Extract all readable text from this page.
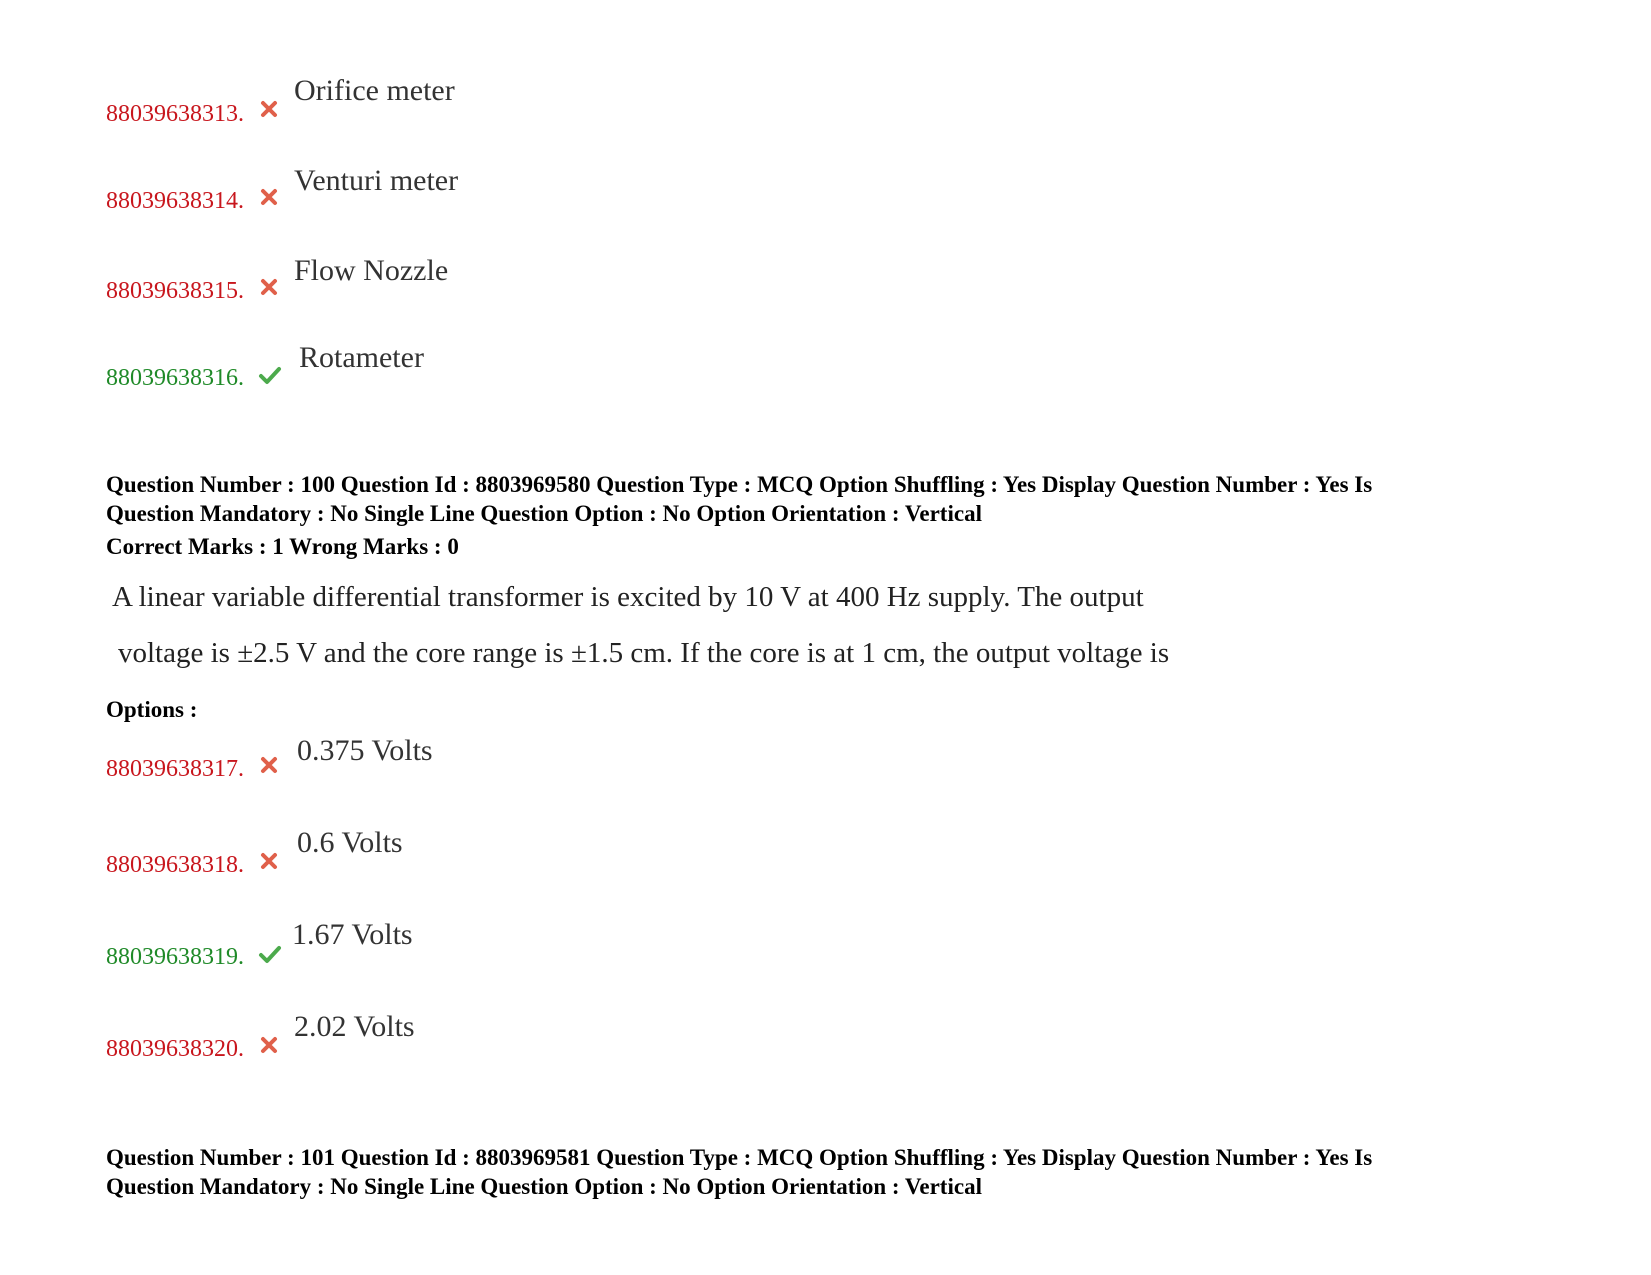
88039638313.
Orifice meter
88039638314.
Venturi meter
88039638315.
Flow Nozzle
88039638316.
Rotameter
Question Number : 100 Question Id : 8803969580 Question Type : MCQ Option Shuffling : Yes Display Question Number : Yes Is
Question Mandatory : No Single Line Question Option : No Option Orientation : Vertical
Correct Marks : 1 Wrong Marks : 0
A linear variable differential transformer is excited by 10 V at 400 Hz supply. The output
voltage is ±2.5 V and the core range is ±1.5 cm. If the core is at 1 cm, the output voltage is
Options :
88039638317.
0.375 Volts
88039638318.
0.6 Volts
88039638319.
1.67 Volts
88039638320.
2.02 Volts
Question Number : 101 Question Id : 8803969581 Question Type : MCQ Option Shuffling : Yes Display Question Number : Yes Is
Question Mandatory : No Single Line Question Option : No Option Orientation : Vertical
